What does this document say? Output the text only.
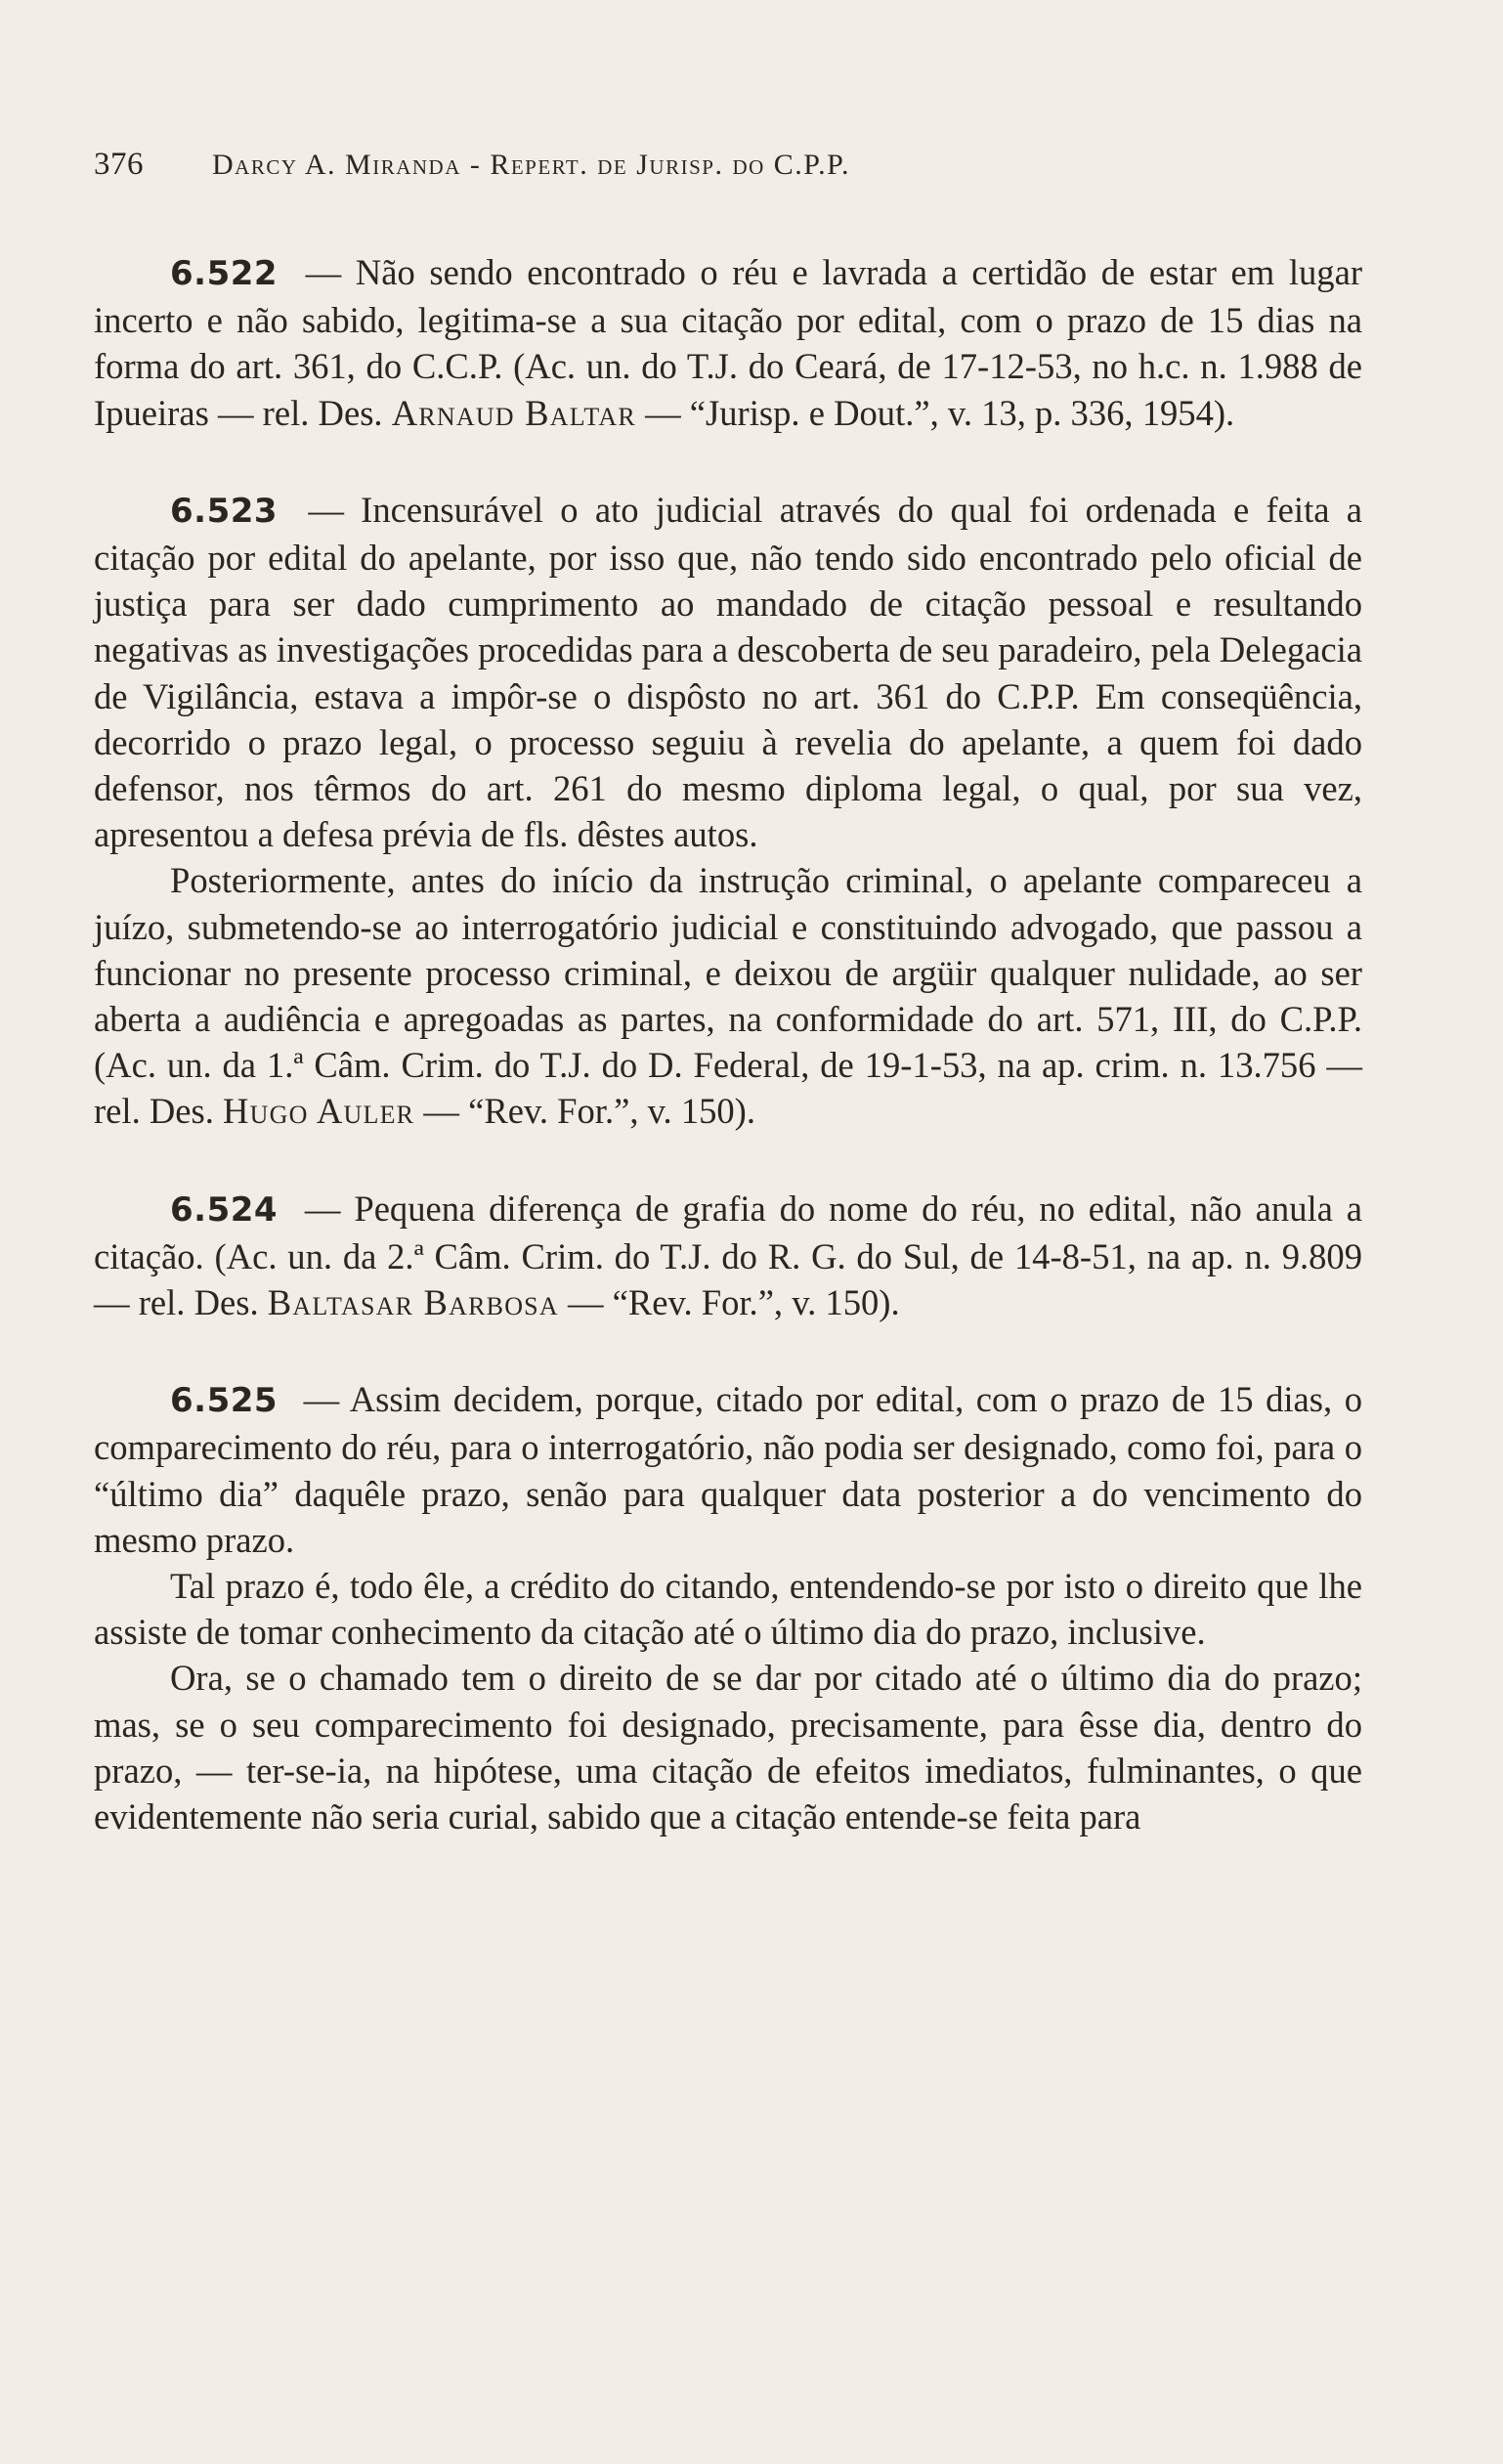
376 Darcy A. Miranda - Repert. de Jurisp. do C.P.P.

6.522 — Não sendo encontrado o réu e lavrada a certidão de estar em lugar incerto e não sabido, legitima-se a sua citação por edital, com o prazo de 15 dias na forma do art. 361, do C.C.P. (Ac. un. do T.J. do Ceará, de 17-12-53, no h.c. n. 1.988 de Ipueiras — rel. Des. Arnaud Baltar — “Jurisp. e Dout.”, v. 13, p. 336, 1954).

6.523 — Incensurável o ato judicial através do qual foi ordenada e feita a citação por edital do apelante, por isso que, não tendo sido encontrado pelo oficial de justiça para ser dado cumprimento ao mandado de citação pessoal e resultando negativas as investigações procedidas para a descoberta de seu paradeiro, pela Delegacia de Vigilância, estava a impôr-se o dispôsto no art. 361 do C.P.P. Em conseqüência, decorrido o prazo legal, o processo seguiu à revelia do apelante, a quem foi dado defensor, nos têrmos do art. 261 do mesmo diploma legal, o qual, por sua vez, apresentou a defesa prévia de fls. dêstes autos.

Posteriormente, antes do início da instrução criminal, o apelante compareceu a juízo, submetendo-se ao interrogatório judicial e constituindo advogado, que passou a funcionar no presente processo criminal, e deixou de argüir qualquer nulidade, ao ser aberta a audiência e apregoadas as partes, na conformidade do art. 571, III, do C.P.P. (Ac. un. da 1.ª Câm. Crim. do T.J. do D. Federal, de 19-1-53, na ap. crim. n. 13.756 — rel. Des. Hugo Auler — “Rev. For.”, v. 150).

6.524 — Pequena diferença de grafia do nome do réu, no edital, não anula a citação. (Ac. un. da 2.ª Câm. Crim. do T.J. do R. G. do Sul, de 14-8-51, na ap. n. 9.809 — rel. Des. Baltasar Barbosa — “Rev. For.”, v. 150).

6.525 — Assim decidem, porque, citado por edital, com o prazo de 15 dias, o comparecimento do réu, para o interrogatório, não podia ser designado, como foi, para o “último dia” daquêle prazo, senão para qualquer data posterior a do vencimento do mesmo prazo.

Tal prazo é, todo êle, a crédito do citando, entendendo-se por isto o direito que lhe assiste de tomar conhecimento da citação até o último dia do prazo, inclusive.

Ora, se o chamado tem o direito de se dar por citado até o último dia do prazo; mas, se o seu comparecimento foi designado, precisamente, para êsse dia, dentro do prazo, — ter-se-ia, na hipótese, uma citação de efeitos imediatos, fulminantes, o que evidentemente não seria curial, sabido que a citação entende-se feita para
